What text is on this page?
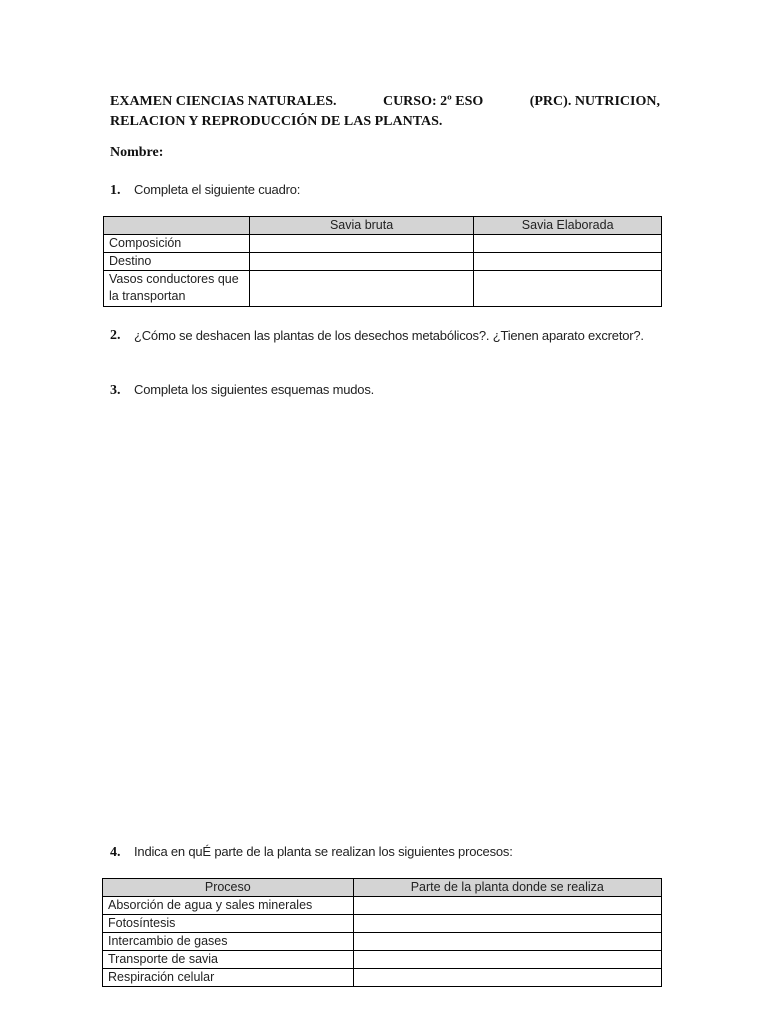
EXAMEN CIENCIAS NATURALES.	CURSO: 2º ESO	(PRC). NUTRICION,
RELACION Y REPRODUCCIÓN DE LAS PLANTAS.
Nombre:
1. Completa el siguiente cuadro:
	Savia bruta	Savia Elaborada
Composición		
Destino		
Vasos conductores que la transportan		
2. ¿Cómo se deshacen las plantas de los desechos metabólicos?. ¿Tienen aparato excretor?.
3. Completa los siguientes esquemas mudos.
4. Indica en quÉ parte de la planta se realizan los siguientes procesos:
Proceso	Parte de la planta donde se realiza
Absorción de agua y sales minerales	
Fotosíntesis	
Intercambio de gases	
Transporte de savia	
Respiración celular	
